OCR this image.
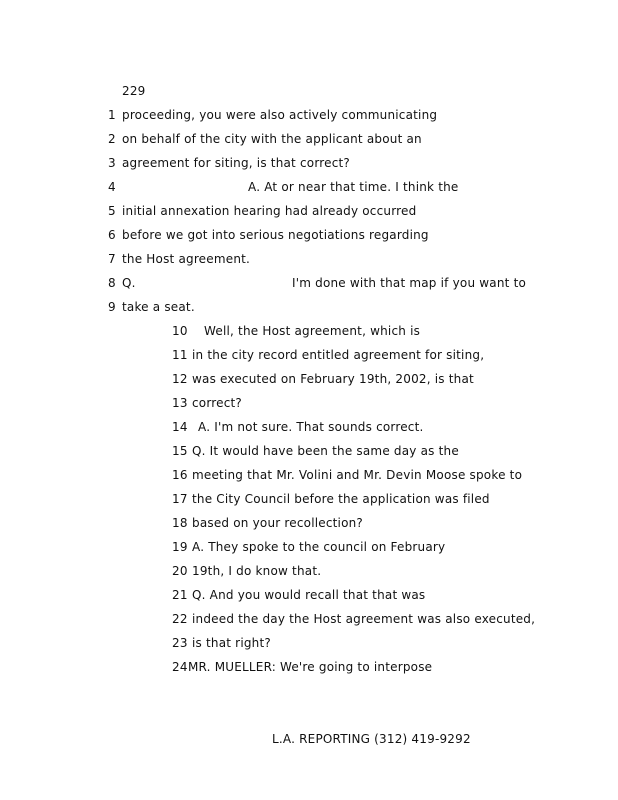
229
1 proceeding, you were also actively communicating
2 on behalf of the city with the applicant about an
3 agreement for siting, is that correct?
4	A. At or near that time. I think the
5 initial annexation hearing had already occurred
6 before we got into serious negotiations regarding
7 the Host agreement.
8 Q.	I'm done with that map if you want to
9 take a seat.
10 Well, the Host agreement, which is
11 in the city record entitled agreement for siting,
12 was executed on February 19th, 2002, is that
13 correct?
14 A. I'm not sure. That sounds correct.
15 Q. It would have been the same day as the
16 meeting that Mr. Volini and Mr. Devin Moose spoke to
17 the City Council before the application was filed
18 based on your recollection?
19 A. They spoke to the council on February
20 19th, I do know that.
21 Q. And you would recall that that was
22 indeed the day the Host agreement was also executed,
23 is that right?
24 MR. MUELLER: We're going to interpose
L.A. REPORTING (312) 419-9292
